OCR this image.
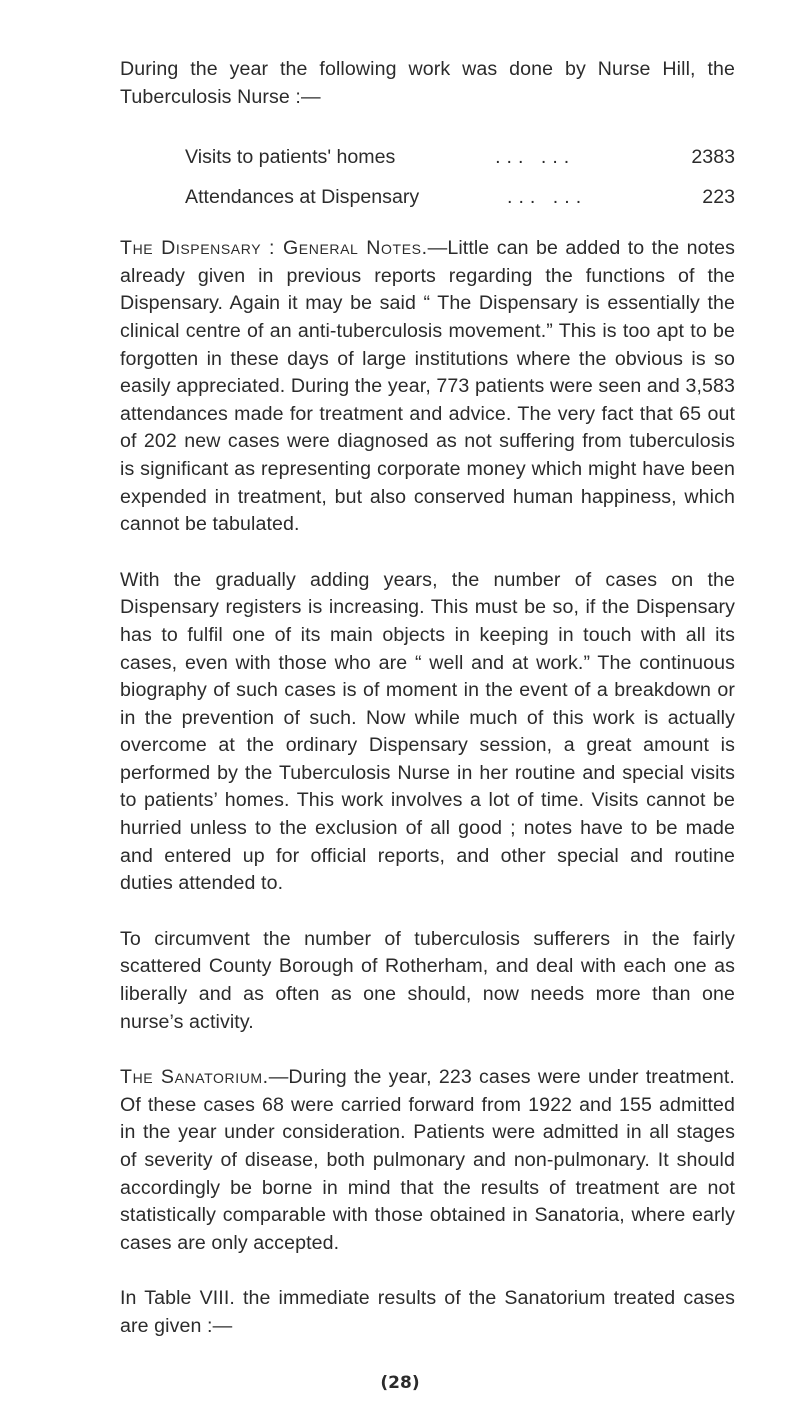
During the year the following work was done by Nurse Hill, the Tuberculosis Nurse :—

Visits to patients' homes	... ...	2383
Attendances at Dispensary	... ...	223

The Dispensary : General Notes.—Little can be added to the notes already given in previous reports regarding the functions of the Dispensary. Again it may be said “ The Dispensary is essentially the clinical centre of an anti-tuberculosis movement.” This is too apt to be forgotten in these days of large institutions where the obvious is so easily appreciated. During the year, 773 patients were seen and 3,583 attendances made for treatment and advice. The very fact that 65 out of 202 new cases were diagnosed as not suffering from tuberculosis is significant as representing corporate money which might have been expended in treatment, but also conserved human happiness, which cannot be tabulated.

With the gradually adding years, the number of cases on the Dispensary registers is increasing. This must be so, if the Dispensary has to fulfil one of its main objects in keeping in touch with all its cases, even with those who are “ well and at work.” The continuous biography of such cases is of moment in the event of a breakdown or in the prevention of such. Now while much of this work is actually overcome at the ordinary Dispensary session, a great amount is performed by the Tuberculosis Nurse in her routine and special visits to patients’ homes. This work involves a lot of time. Visits cannot be hurried unless to the exclusion of all good ; notes have to be made and entered up for official reports, and other special and routine duties attended to.

To circumvent the number of tuberculosis sufferers in the fairly scattered County Borough of Rotherham, and deal with each one as liberally and as often as one should, now needs more than one nurse’s activity.

The Sanatorium.—During the year, 223 cases were under treatment. Of these cases 68 were carried forward from 1922 and 155 admitted in the year under consideration. Patients were admitted in all stages of severity of disease, both pulmonary and non-pulmonary. It should accordingly be borne in mind that the results of treatment are not statistically comparable with those obtained in Sanatoria, where early cases are only accepted.

In Table VIII. the immediate results of the Sanatorium treated cases are given :—

(28)
